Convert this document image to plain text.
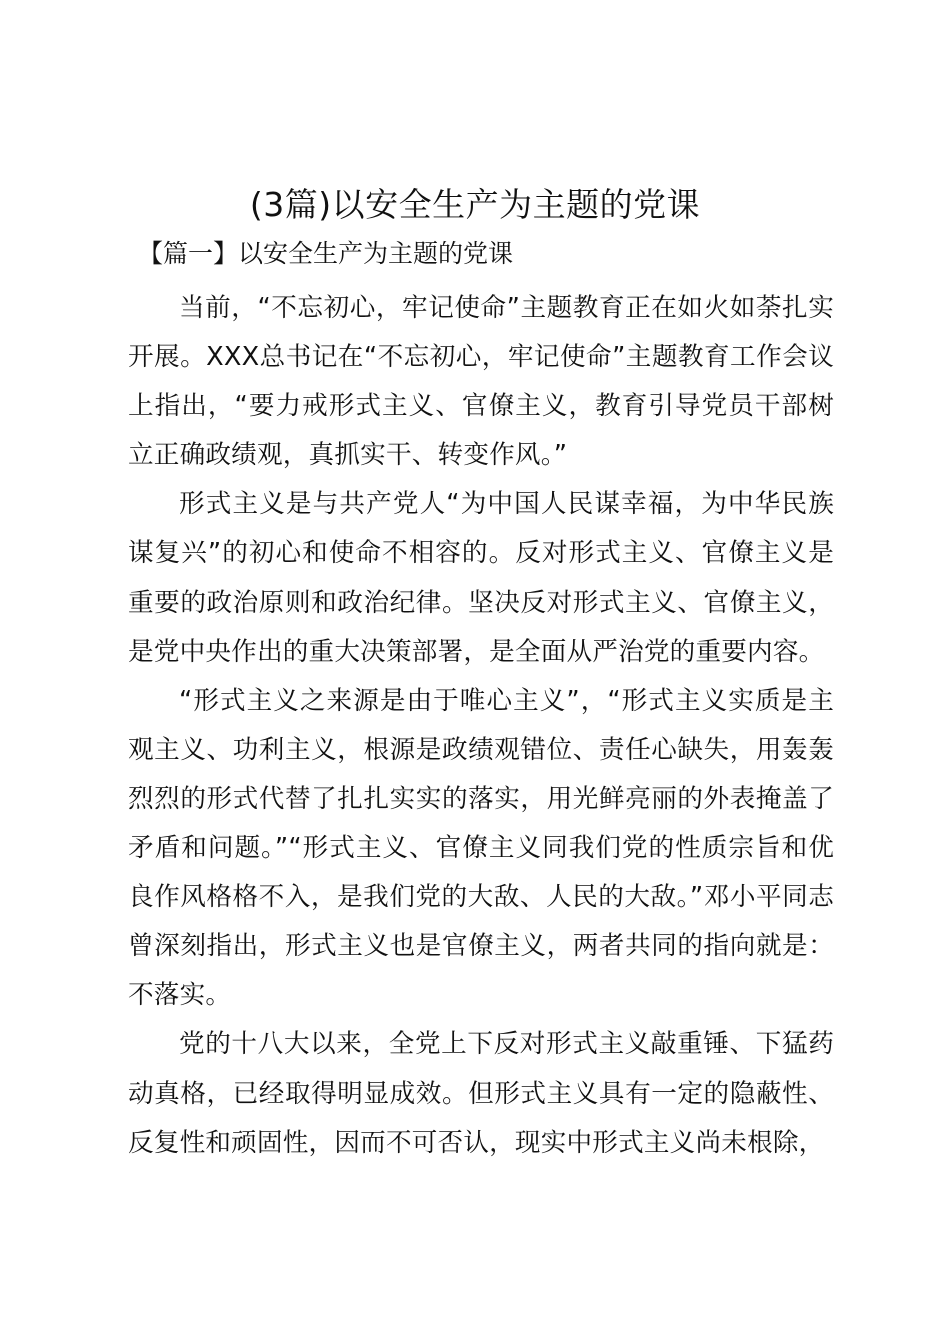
(3篇)以安全生产为主题的党课
【篇一】以安全生产为主题的党课

当前，“不忘初心，牢记使命”主题教育正在如火如荼扎实开展。XXX总书记在“不忘初心，牢记使命”主题教育工作会议上指出，“要力戒形式主义、官僚主义，教育引导党员干部树立正确政绩观，真抓实干、转变作风。”

形式主义是与共产党人“为中国人民谋幸福，为中华民族谋复兴”的初心和使命不相容的。反对形式主义、官僚主义是重要的政治原则和政治纪律。坚决反对形式主义、官僚主义，是党中央作出的重大决策部署，是全面从严治党的重要内容。

“形式主义之来源是由于唯心主义”，“形式主义实质是主观主义、功利主义，根源是政绩观错位、责任心缺失，用轰轰烈烈的形式代替了扎扎实实的落实，用光鲜亮丽的外表掩盖了矛盾和问题。”“形式主义、官僚主义同我们党的性质宗旨和优良作风格格不入，是我们党的大敌、人民的大敌。”邓小平同志曾深刻指出，形式主义也是官僚主义，两者共同的指向就是：不落实。

党的十八大以来，全党上下反对形式主义敲重锤、下猛药动真格，已经取得明显成效。但形式主义具有一定的隐蔽性、反复性和顽固性，因而不可否认，现实中形式主义尚未根除，
